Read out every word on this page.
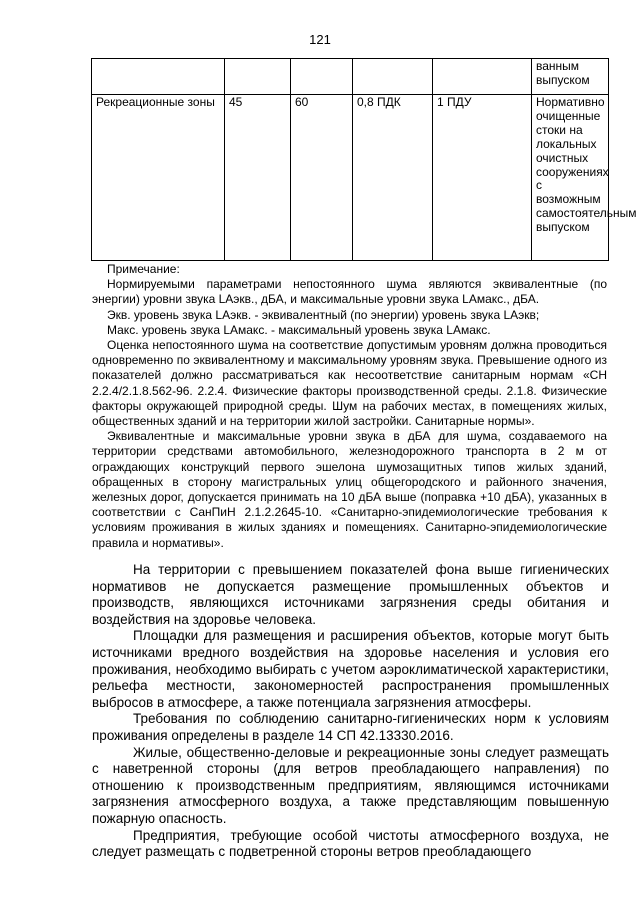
121
					ванным выпуском
Рекреационные зоны	45	60	0,8 ПДК	1 ПДУ	Нормативно очищенные стоки на локальных очистных сооружениях с возможным самостоятельным выпуском

Примечание:

Нормируемыми параметрами непостоянного шума являются эквивалентные (по энергии) уровни звука LAэкв., дБА, и максимальные уровни звука LAмакс., дБА.

Экв. уровень звука LAэкв. - эквивалентный (по энергии) уровень звука LAэкв;

Макс. уровень звука LAмакс. - максимальный уровень звука LAмакс.

Оценка непостоянного шума на соответствие допустимым уровням должна проводиться одновременно по эквивалентному и максимальному уровням звука. Превышение одного из показателей должно рассматриваться как несоответствие санитарным нормам «СН 2.2.4/2.1.8.562-96. 2.2.4. Физические факторы производственной среды. 2.1.8. Физические факторы окружающей природной среды. Шум на рабочих местах, в помещениях жилых, общественных зданий и на территории жилой застройки. Санитарные нормы».

Эквивалентные и максимальные уровни звука в дБА для шума, создаваемого на территории средствами автомобильного, железнодорожного транспорта в 2 м от ограждающих конструкций первого эшелона шумозащитных типов жилых зданий, обращенных в сторону магистральных улиц общегородского и районного значения, железных дорог, допускается принимать на 10 дБА выше (поправка +10 дБА), указанных в соответствии с СанПиН 2.1.2.2645-10. «Санитарно-эпидемиологические требования к условиям проживания в жилых зданиях и помещениях. Санитарно-эпидемиологические правила и нормативы».

На территории с превышением показателей фона выше гигиенических нормативов не допускается размещение промышленных объектов и производств, являющихся источниками загрязнения среды обитания и воздействия на здоровье человека.

Площадки для размещения и расширения объектов, которые могут быть источниками вредного воздействия на здоровье населения и условия его проживания, необходимо выбирать с учетом аэроклиматической характеристики, рельефа местности, закономерностей распространения промышленных выбросов в атмосфере, а также потенциала загрязнения атмосферы.

Требования по соблюдению санитарно-гигиенических норм к условиям проживания определены в разделе 14 СП 42.13330.2016.

Жилые, общественно-деловые и рекреационные зоны следует размещать с наветренной стороны (для ветров преобладающего направления) по отношению к производственным предприятиям, являющимся источниками загрязнения атмосферного воздуха, а также представляющим повышенную пожарную опасность.

Предприятия, требующие особой чистоты атмосферного воздуха, не следует размещать с подветренной стороны ветров преобладающего
